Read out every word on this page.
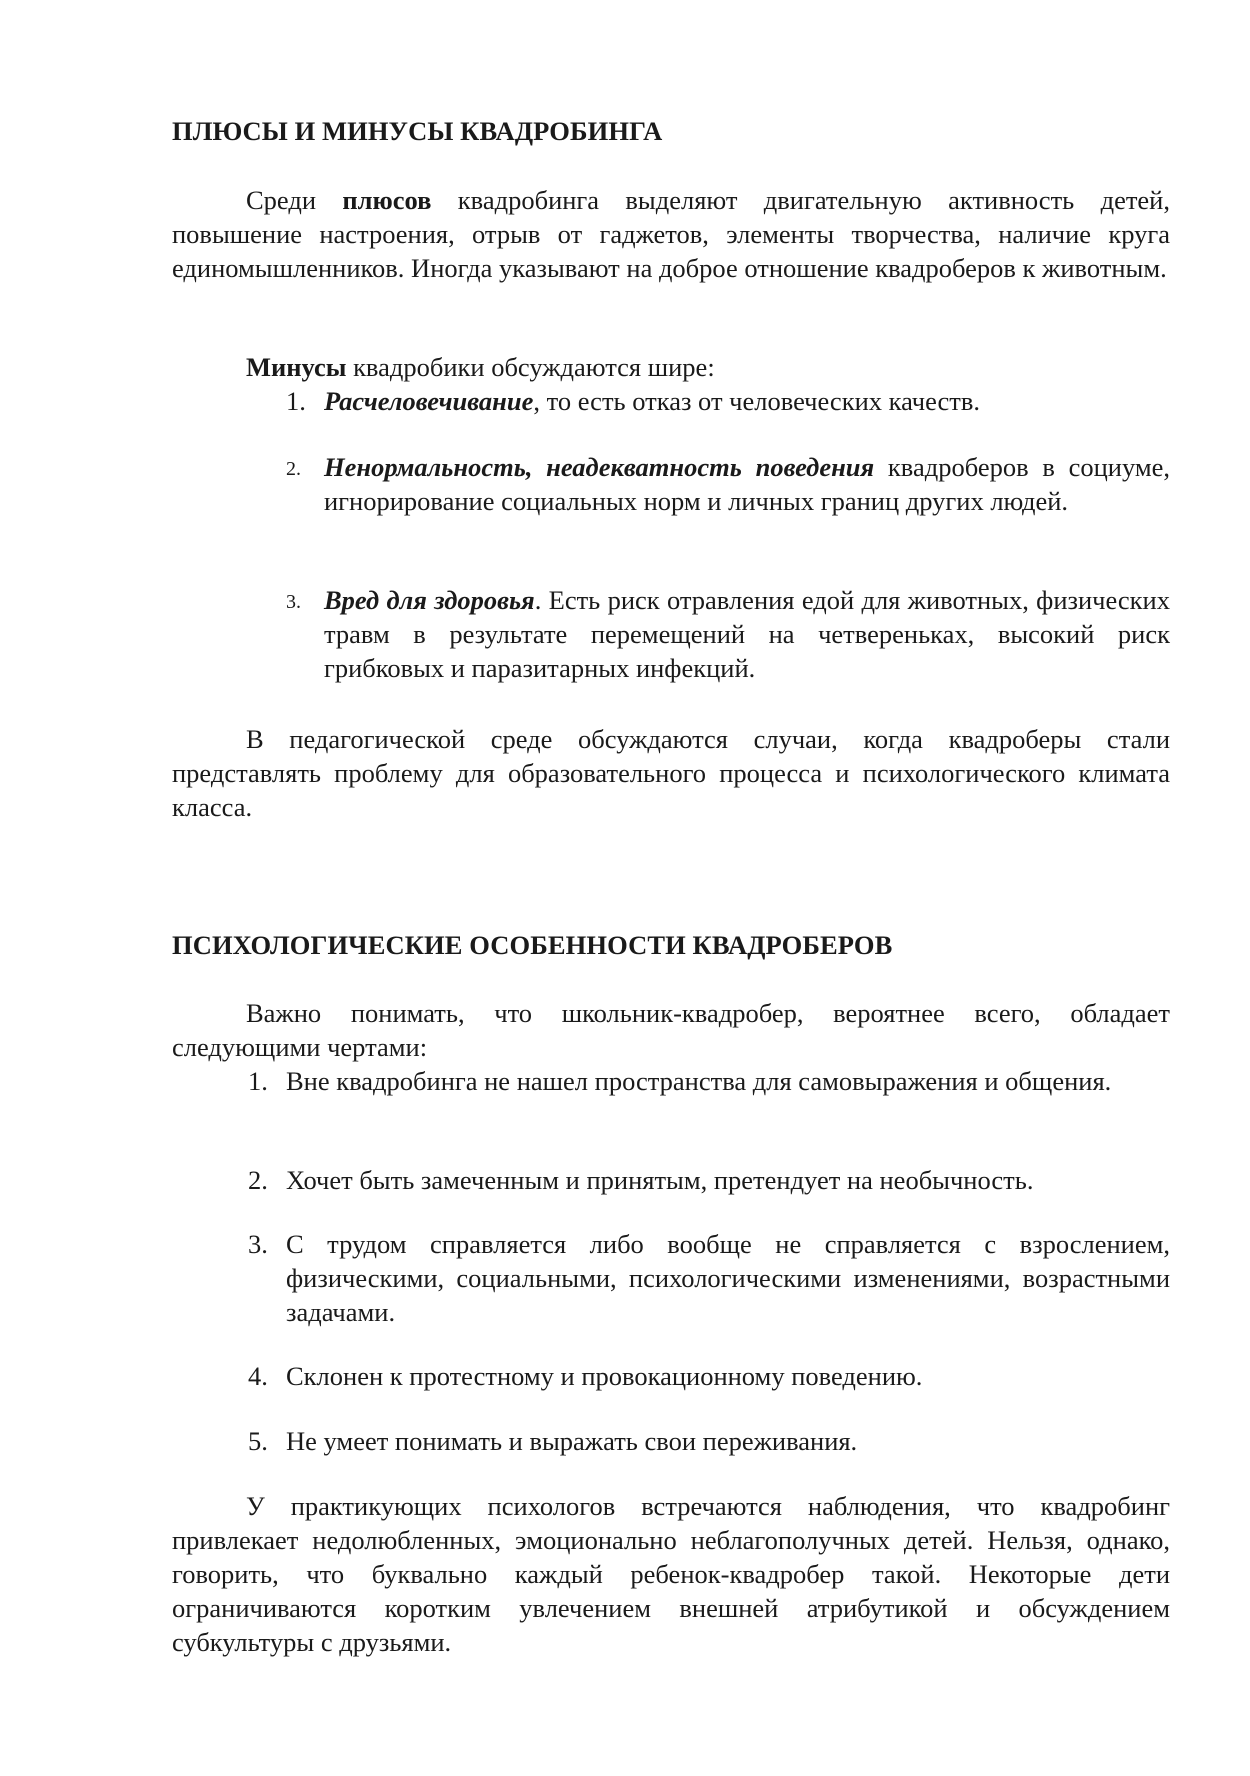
ПЛЮСЫ И МИНУСЫ КВАДРОБИНГА

Среди плюсов квадробинга выделяют двигательную активность детей, повышение настроения, отрыв от гаджетов, элементы творчества, наличие круга единомышленников. Иногда указывают на доброе отношение квадроберов к животным.

Минусы квадробики обсуждаются шире:

1. Расчеловечивание, то есть отказ от человеческих качеств.

2. Ненормальность, неадекватность поведения квадроберов в социуме, игнорирование социальных норм и личных границ других людей.

3. Вред для здоровья. Есть риск отравления едой для животных, физических травм в результате перемещений на четвереньках, высокий риск грибковых и паразитарных инфекций.

В педагогической среде обсуждаются случаи, когда квадроберы стали представлять проблему для образовательного процесса и психологического климата класса.

ПСИХОЛОГИЧЕСКИЕ ОСОБЕННОСТИ КВАДРОБЕРОВ

Важно понимать, что школьник-квадробер, вероятнее всего, обладает следующими чертами:

1. Вне квадробинга не нашел пространства для самовыражения и общения.

2. Хочет быть замеченным и принятым, претендует на необычность.

3. С трудом справляется либо вообще не справляется с взрослением, физическими, социальными, психологическими изменениями, возрастными задачами.

4. Склонен к протестному и провокационному поведению.

5. Не умеет понимать и выражать свои переживания.

У практикующих психологов встречаются наблюдения, что квадробинг привлекает недолюбленных, эмоционально неблагополучных детей. Нельзя, однако, говорить, что буквально каждый ребенок-квадробер такой. Некоторые дети ограничиваются коротким увлечением внешней атрибутикой и обсуждением субкультуры с друзьями.
